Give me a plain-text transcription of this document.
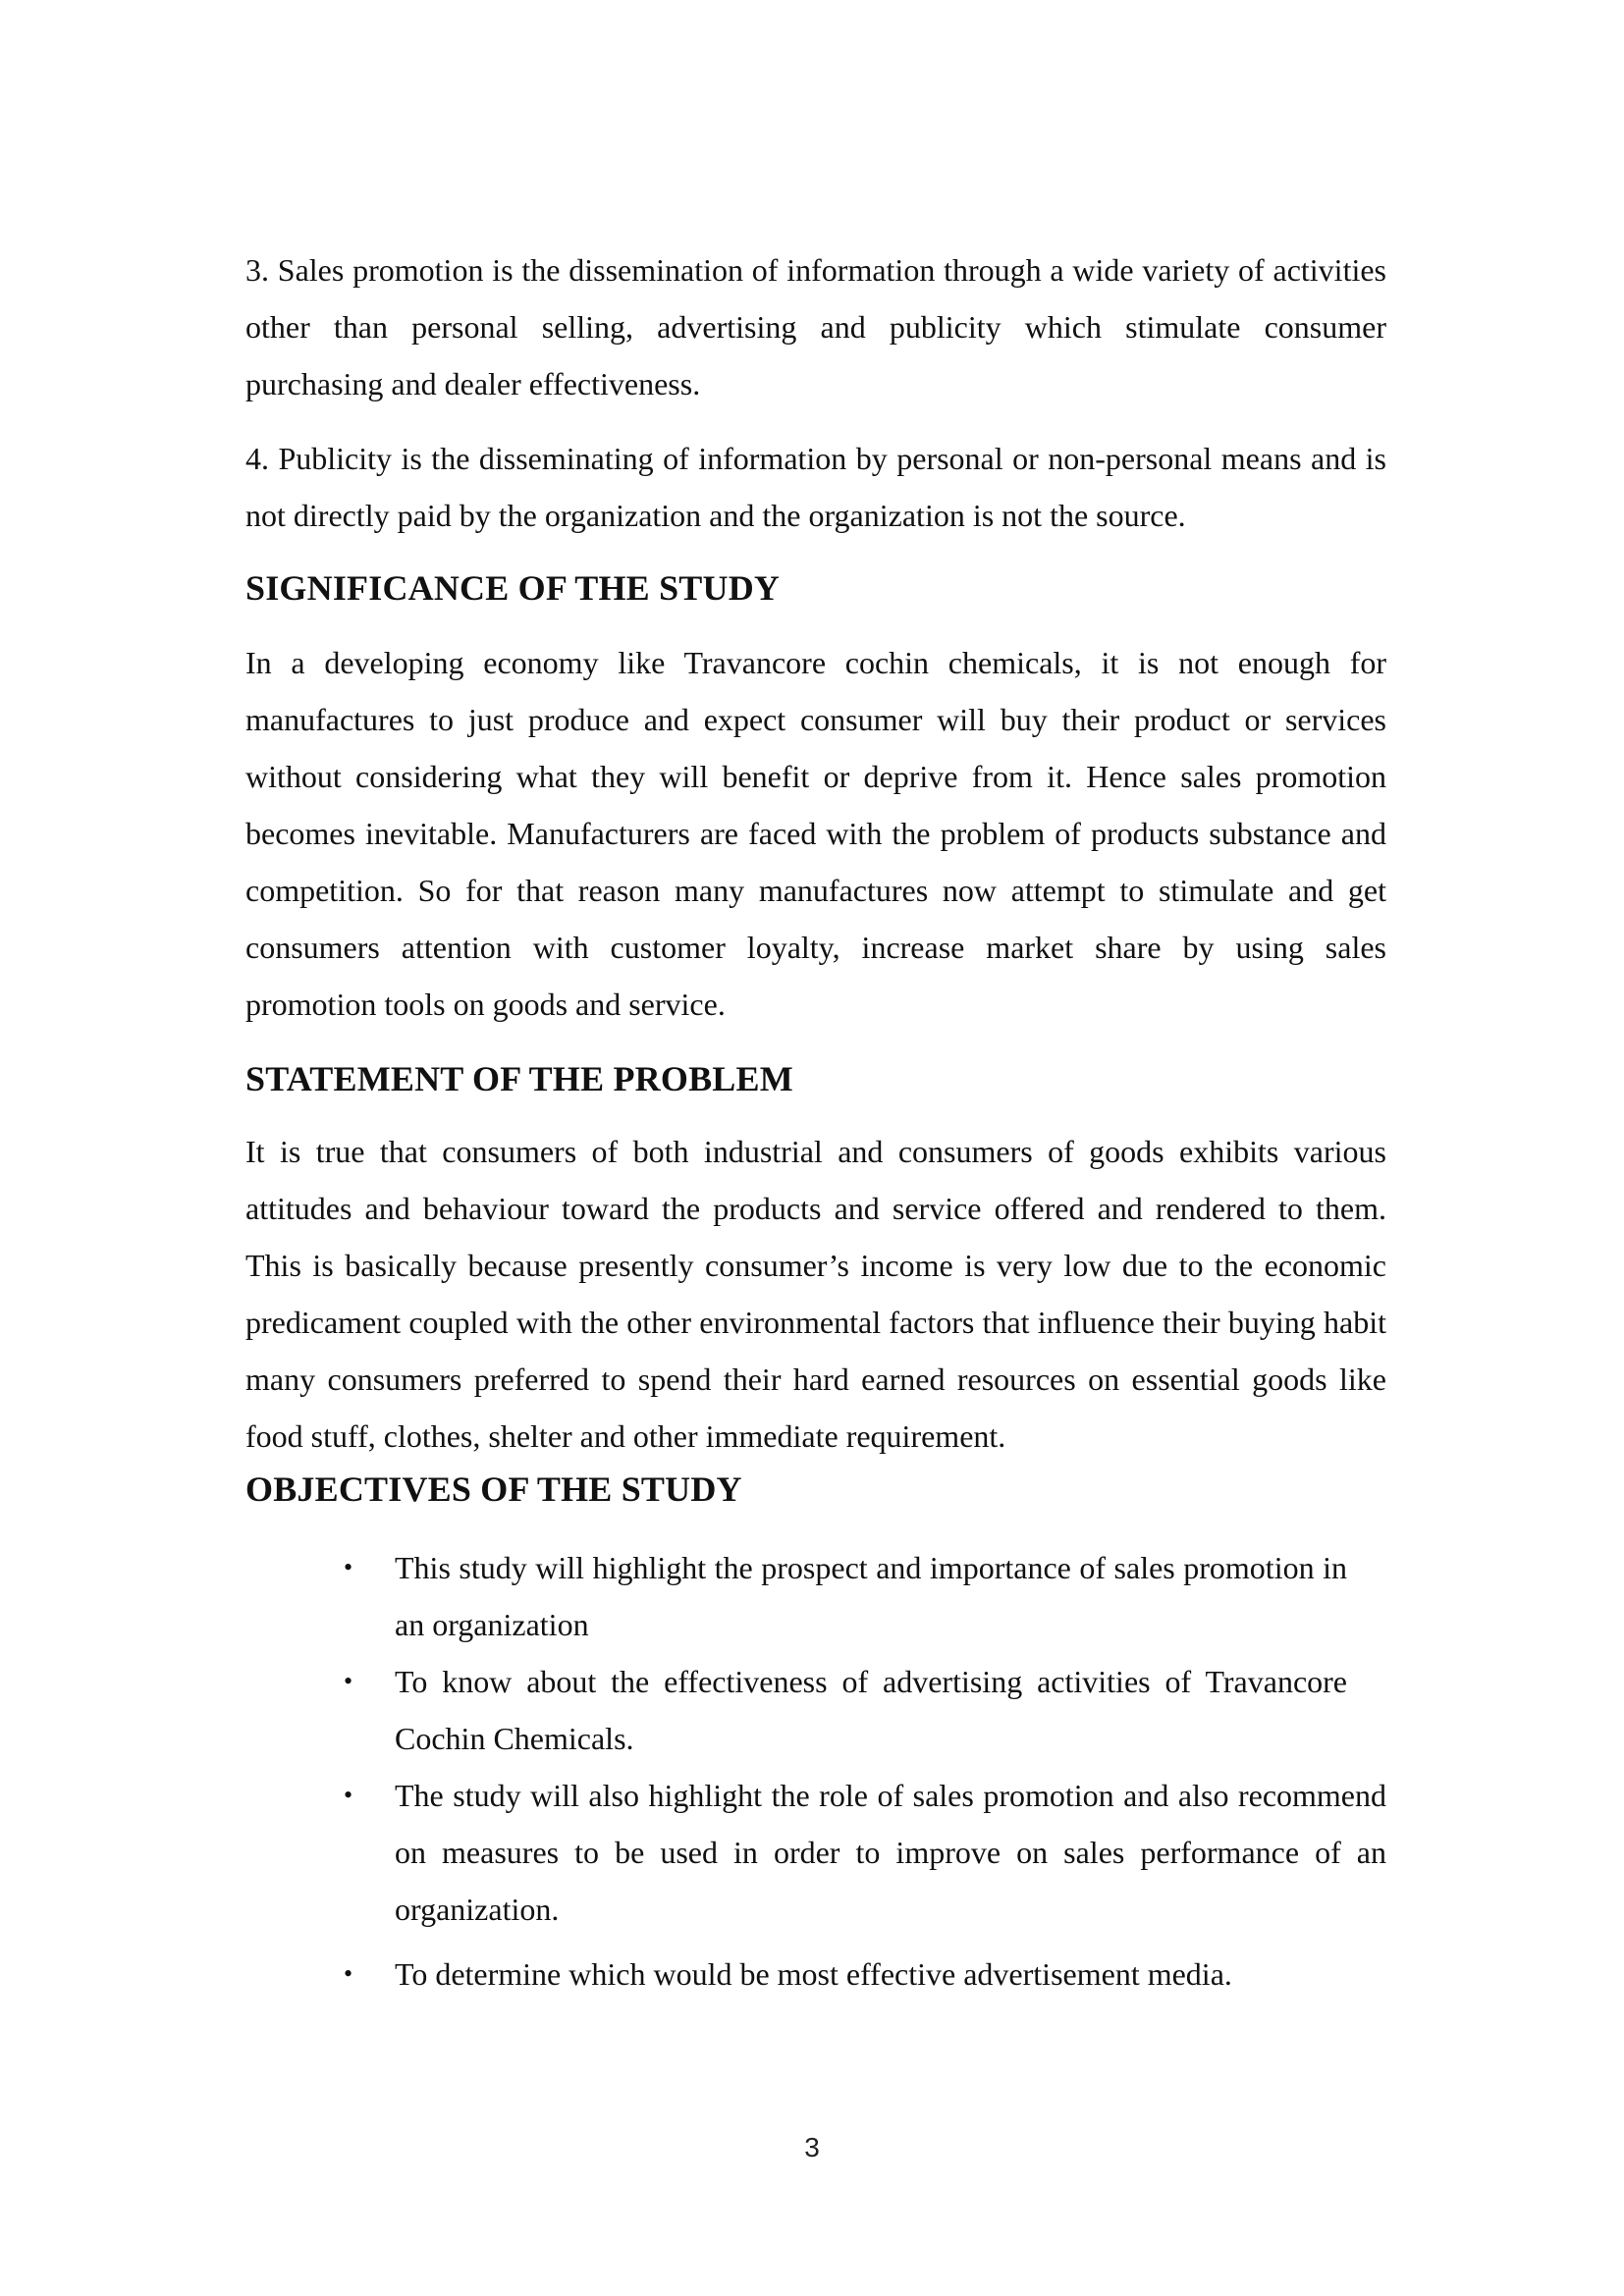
3. Sales promotion is the dissemination of information through a wide variety of activities other than personal selling, advertising and publicity which stimulate consumer purchasing and dealer effectiveness.

4. Publicity is the disseminating of information by personal or non-personal means and is not directly paid by the organization and the organization is not the source.

SIGNIFICANCE OF THE STUDY

In a developing economy like Travancore cochin chemicals, it is not enough for manufactures to just produce and expect consumer will buy their product or services without considering what they will benefit or deprive from it. Hence sales promotion becomes inevitable. Manufacturers are faced with the problem of products substance and competition. So for that reason many manufactures now attempt to stimulate and get consumers attention with customer loyalty, increase market share by using sales promotion tools on goods and service.

STATEMENT OF THE PROBLEM

It is true that consumers of both industrial and consumers of goods exhibits various attitudes and behaviour toward the products and service offered and rendered to them. This is basically because presently consumer’s income is very low due to the economic predicament coupled with the other environmental factors that influence their buying habit many consumers preferred to spend their hard earned resources on essential goods like food stuff, clothes, shelter and other immediate requirement.

OBJECTIVES OF THE STUDY
•	This study will highlight the prospect and importance of sales promotion in an organization
•	To know about the effectiveness of advertising activities of Travancore Cochin Chemicals.
•	The study will also highlight the role of sales promotion and also recommend on measures to be used in order to improve on sales performance of an organization.
•	To determine which would be most effective advertisement media.
3
